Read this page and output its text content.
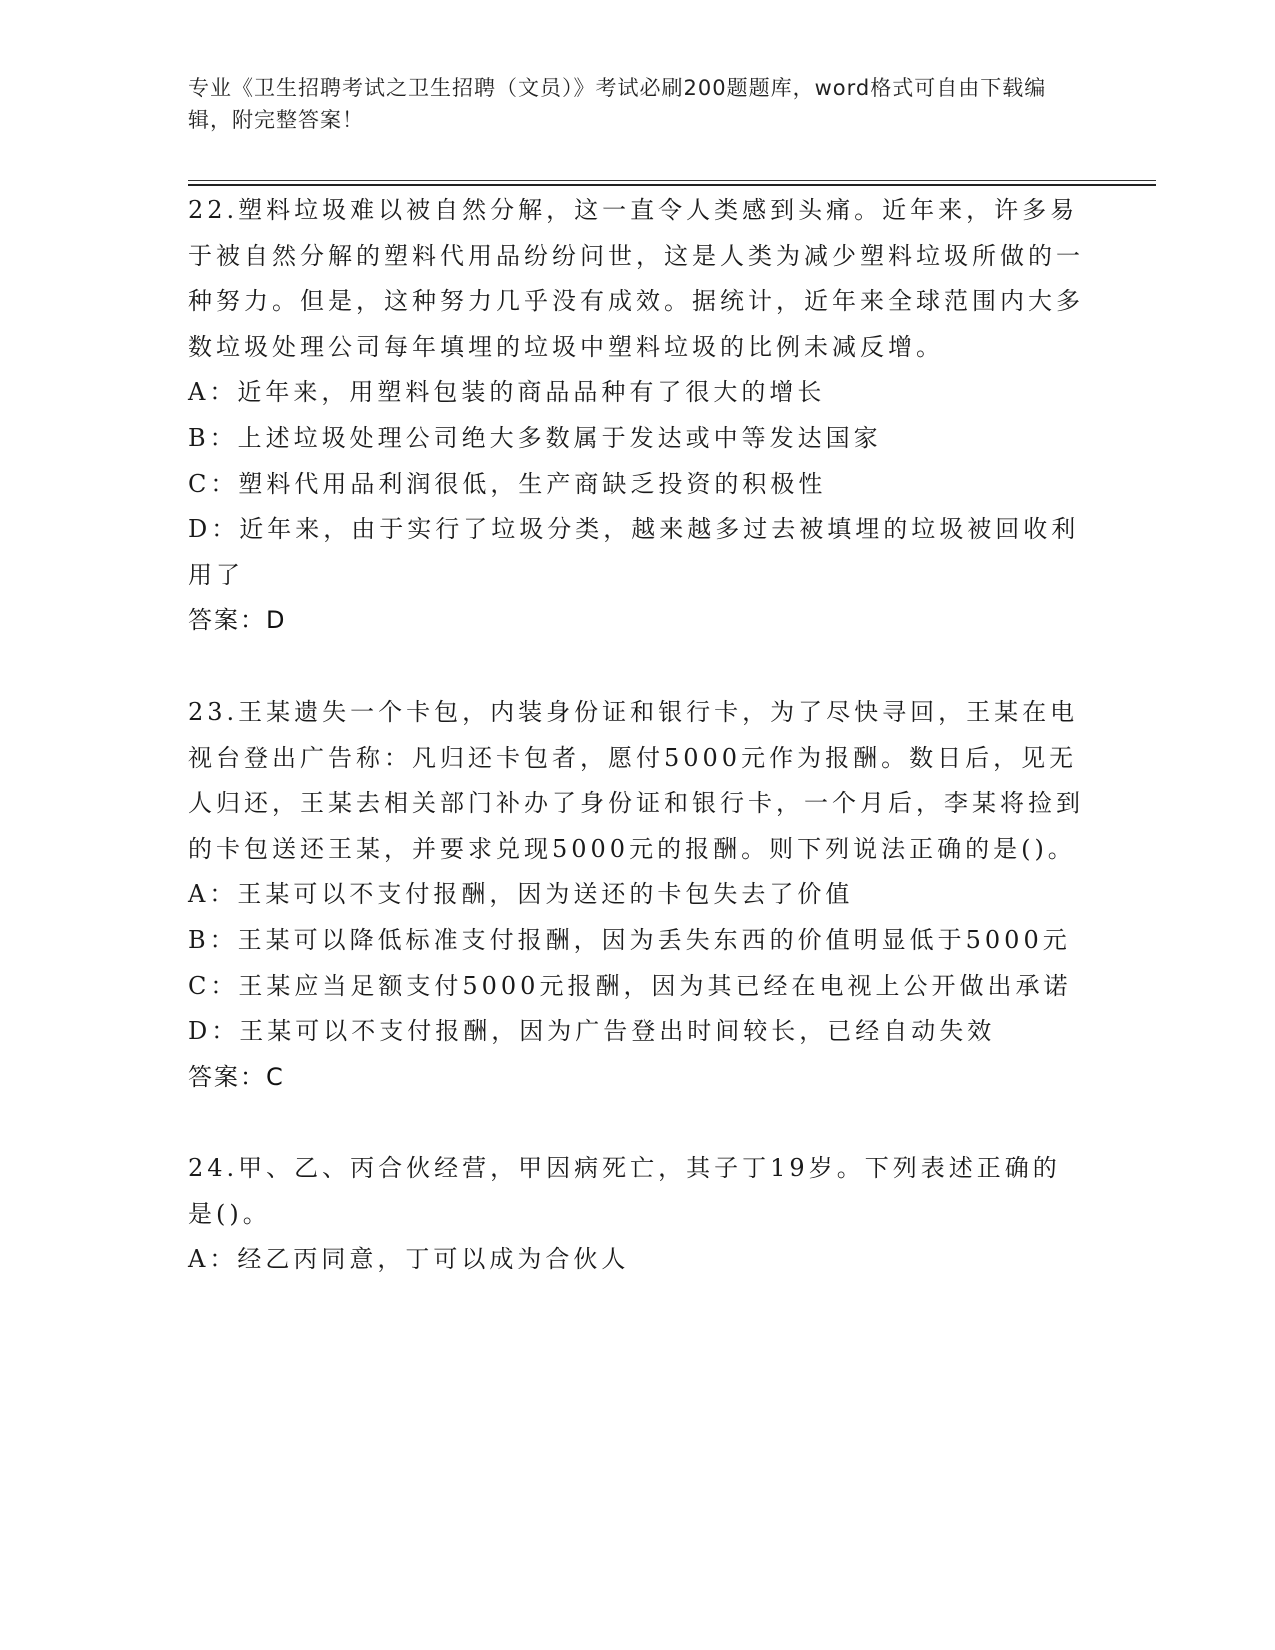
专业《卫生招聘考试之卫生招聘（文员）》考试必刷200题题库，word格式可自由下载编辑，附完整答案！

22.塑料垃圾难以被自然分解，这一直令人类感到头痛。近年来，许多易于被自然分解的塑料代用品纷纷问世，这是人类为减少塑料垃圾所做的一种努力。但是，这种努力几乎没有成效。据统计，近年来全球范围内大多数垃圾处理公司每年填埋的垃圾中塑料垃圾的比例未减反增。

A：近年来，用塑料包装的商品品种有了很大的增长

B：上述垃圾处理公司绝大多数属于发达或中等发达国家

C：塑料代用品利润很低，生产商缺乏投资的积极性

D：近年来，由于实行了垃圾分类，越来越多过去被填埋的垃圾被回收利用了

答案：D

23.王某遗失一个卡包，内装身份证和银行卡，为了尽快寻回，王某在电视台登出广告称：凡归还卡包者，愿付5000元作为报酬。数日后，见无人归还，王某去相关部门补办了身份证和银行卡，一个月后，李某将捡到的卡包送还王某，并要求兑现5000元的报酬。则下列说法正确的是()。

A：王某可以不支付报酬，因为送还的卡包失去了价值

B：王某可以降低标准支付报酬，因为丢失东西的价值明显低于5000元

C：王某应当足额支付5000元报酬，因为其已经在电视上公开做出承诺

D：王某可以不支付报酬，因为广告登出时间较长，已经自动失效

答案：C

24.甲、乙、丙合伙经营，甲因病死亡，其子丁19岁。下列表述正确的是()。

A：经乙丙同意，丁可以成为合伙人
